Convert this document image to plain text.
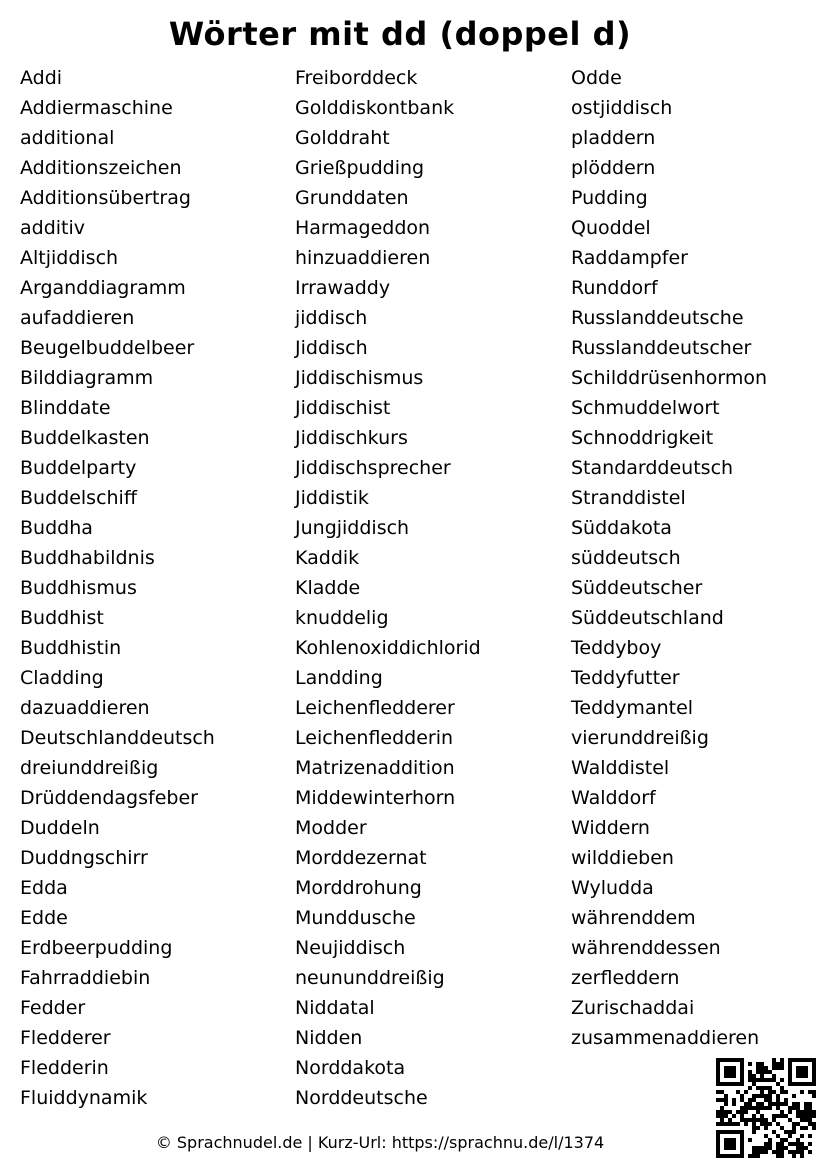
Wörter mit dd (doppel d)
Addi
Addiermaschine
additional
Additionszeichen
Additionsübertrag
additiv
Altjiddisch
Arganddiagramm
aufaddieren
Beugelbuddelbeer
Bilddiagramm
Blinddate
Buddelkasten
Buddelparty
Buddelschiff
Buddha
Buddhabildnis
Buddhismus
Buddhist
Buddhistin
Cladding
dazuaddieren
Deutschlanddeutsch
dreiunddreißig
Drüddendagsfeber
Duddeln
Duddngschirr
Edda
Edde
Erdbeerpudding
Fahrraddiebin
Fedder
Fledderer
Fledderin
Fluiddynamik
Freiborddeck
Golddiskontbank
Golddraht
Grießpudding
Grunddaten
Harmageddon
hinzuaddieren
Irrawaddy
jiddisch
Jiddisch
Jiddischismus
Jiddischist
Jiddischkurs
Jiddischsprecher
Jiddistik
Jungjiddisch
Kaddik
Kladde
knuddelig
Kohlenoxiddichlorid
Landding
Leichenfledderer
Leichenfledderin
Matrizenaddition
Middewinterhorn
Modder
Morddezernat
Morddrohung
Munddusche
Neujiddisch
neununddreißig
Niddatal
Nidden
Norddakota
Norddeutsche
Odde
ostjiddisch
pladdern
plöddern
Pudding
Quoddel
Raddampfer
Runddorf
Russlanddeutsche
Russlanddeutscher
Schilddrüsenhormon
Schmuddelwort
Schnoddrigkeit
Standarddeutsch
Stranddistel
Süddakota
süddeutsch
Süddeutscher
Süddeutschland
Teddyboy
Teddyfutter
Teddymantel
vierunddreißig
Walddistel
Walddorf
Widdern
wilddieben
Wyludda
währenddem
währenddessen
zerfleddern
Zurischaddai
zusammenaddieren
© Sprachnudel.de | Kurz-Url: https://sprachnu.de/l/1374
